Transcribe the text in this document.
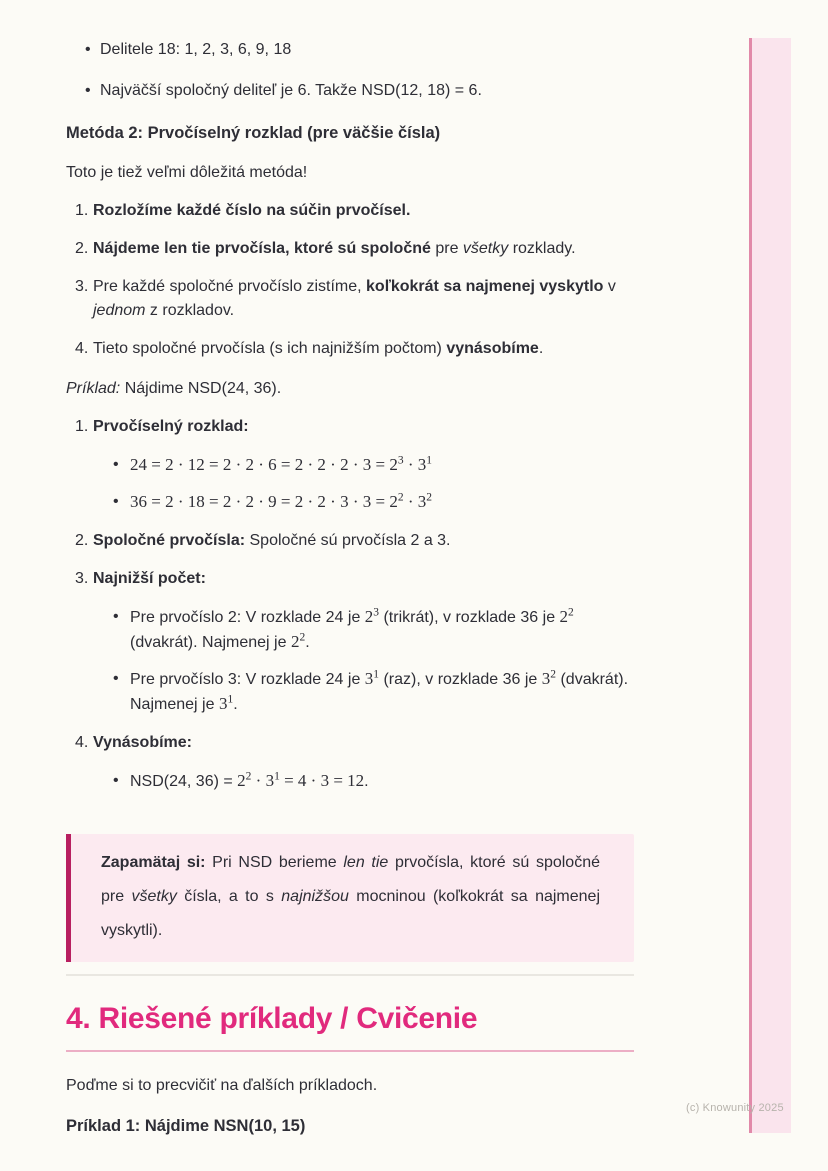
• Delitele 18: 1, 2, 3, 6, 9, 18
• Najväčší spoločný deliteľ je 6. Takže NSD(12, 18) = 6.

Metóda 2: Prvočíselný rozklad (pre väčšie čísla)

Toto je tiež veľmi dôležitá metóda!

Rozložíme každé číslo na súčin prvočísel.
Nájdeme len tie prvočísla, ktoré sú spoločné pre všetky rozklady.
Pre každé spoločné prvočíslo zistíme, koľkokrát sa najmenej vyskytlo v jednom z rozkladov.
Tieto spoločné prvočísla (s ich najnižším počtom) vynásobíme.

Príklad: Nájdime NSD(24, 36).

Prvočíselný rozklad:
• $24 = 2 \cdot 12 = 2 \cdot 2 \cdot 6 = 2 \cdot 2 \cdot 2 \cdot 3 = 2^3 \cdot 3^1$
• $36 = 2 \cdot 18 = 2 \cdot 2 \cdot 9 = 2 \cdot 2 \cdot 3 \cdot 3 = 2^2 \cdot 3^2$
Spoločné prvočísla: Spoločné sú prvočísla 2 a 3.
Najnižší počet:
• Pre prvočíslo 2: V rozklade 24 je $2^3$ (trikrát), v rozklade 36 je $2^2$ (dvakrát). Najmenej je $2^2$.
• Pre prvočíslo 3: V rozklade 24 je $3^1$ (raz), v rozklade 36 je $3^2$ (dvakrát). Najmenej je $3^1$.
Vynásobíme:
• NSD(24, $36) = 2^2 \cdot 3^1 = 4 \cdot 3 = 12$.

Zapamätaj si: Pri NSD berieme len tie prvočísla, ktoré sú spoločné pre všetky čísla, a to s najnižšou mocninou (koľkokrát sa najmenej vyskytli).

4. Riešené príklady / Cvičenie

Poďme si to precvičiť na ďalších príkladoch.

Príklad 1: Nájdime NSN(10, 15)

(c) Knowunity 2025
